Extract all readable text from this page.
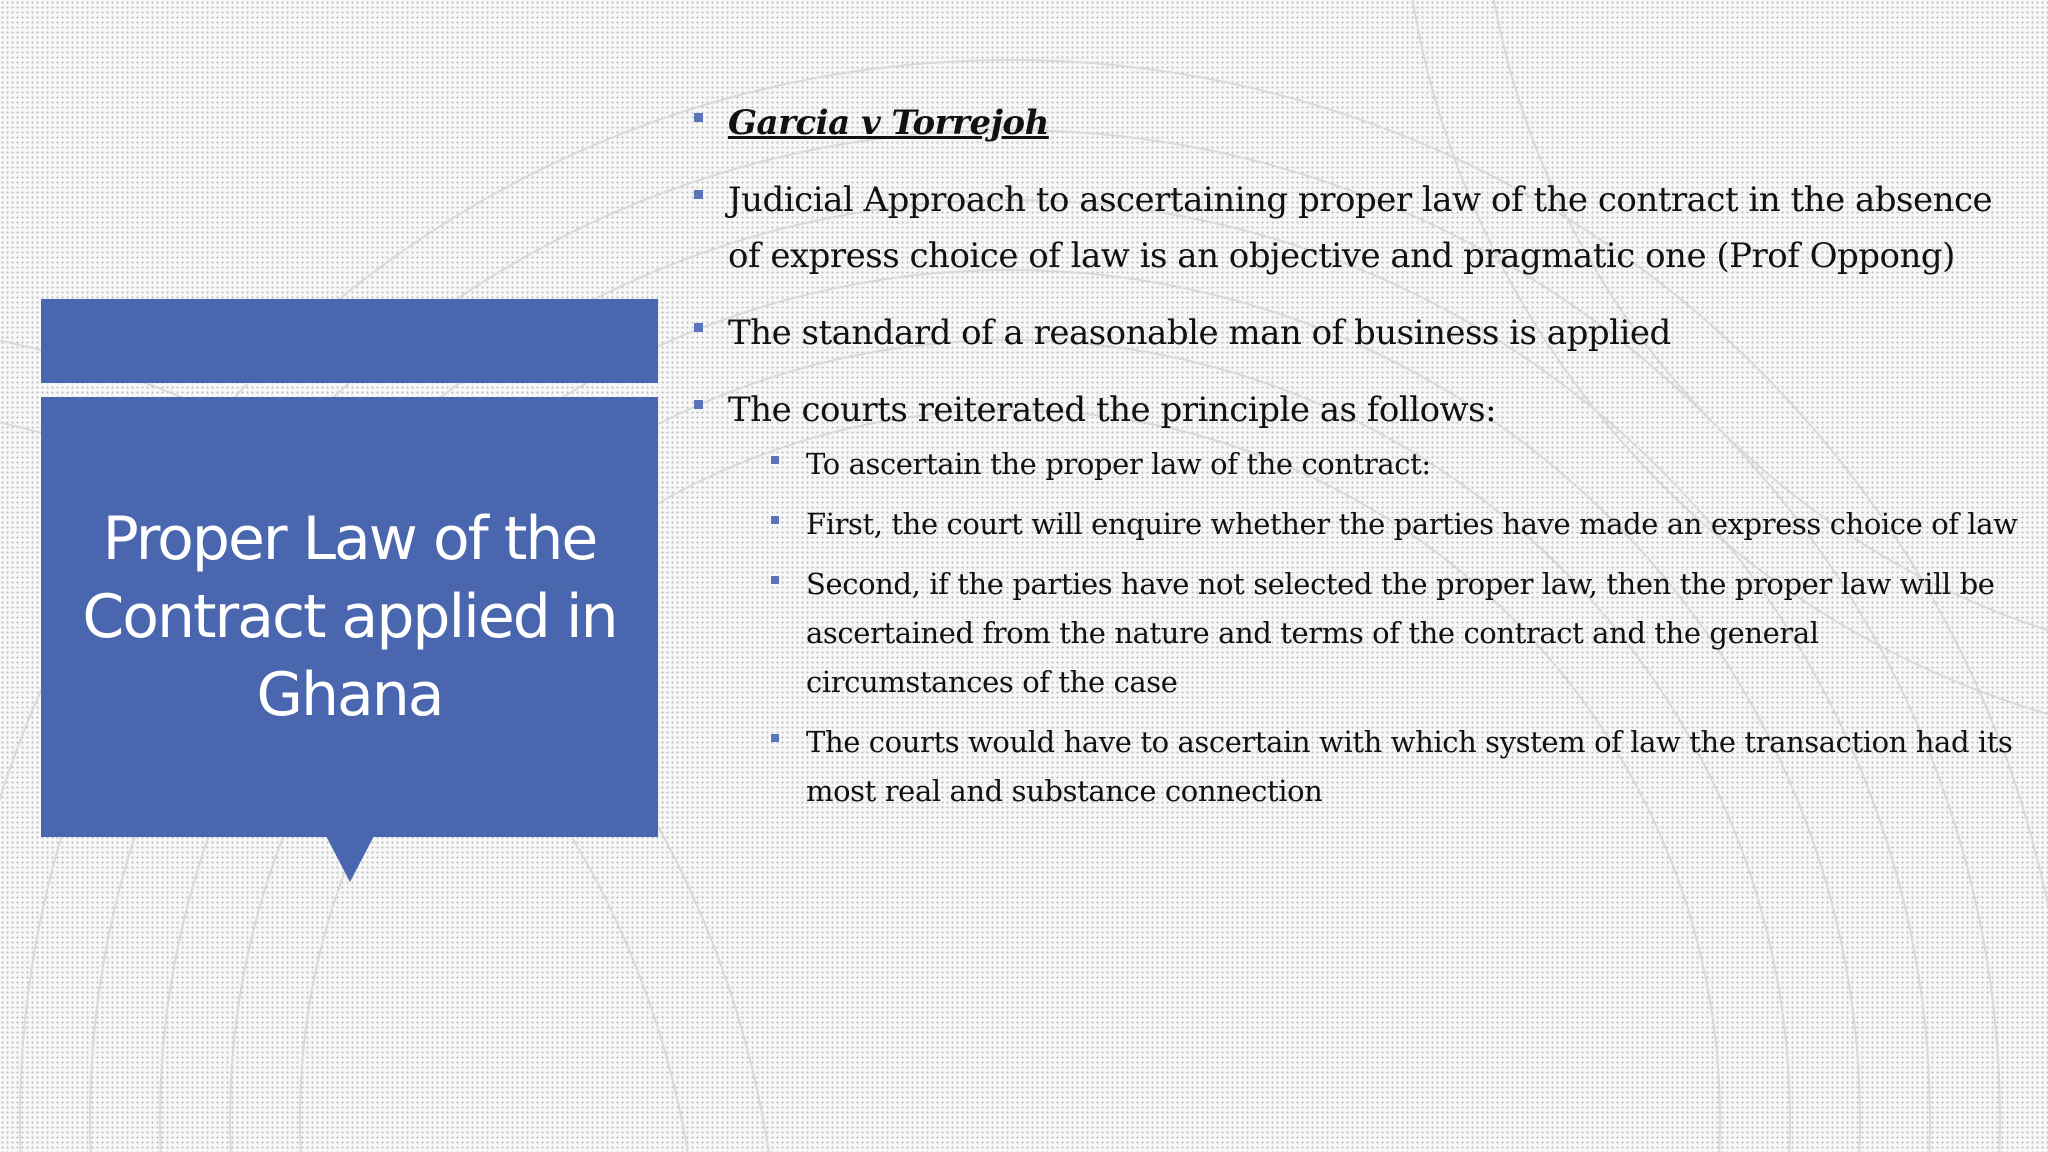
Proper Law of the Contract applied in Ghana
Garcia v Torrejoh
Judicial Approach to ascertaining proper law of the contract in the absence of express choice of law is an objective and pragmatic one (Prof Oppong)
The standard of a reasonable man of business is applied
The courts reiterated the principle as follows:
To ascertain the proper law of the contract:
First, the court will enquire whether the parties have made an express choice of law
Second, if the parties have not selected the proper law, then the proper law will be ascertained from the nature and terms of the contract and the general circumstances of the case
The courts would have to ascertain with which system of law the transaction had its most real and substance connection
